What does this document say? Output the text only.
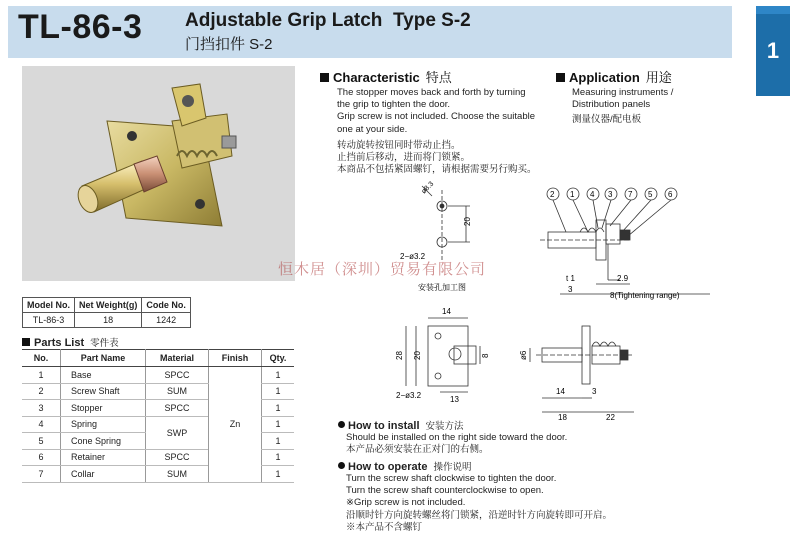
TL-86-3 Adjustable Grip Latch  Type S-2
门挡扣件 S-2	1
Characteristic 特点
The stopper moves back and forth by turning
the grip to tighten the door.
Grip screw is not included. Choose the suitable
one at your side.
转动旋转按钮同时带动止挡。
止挡前后移动，进而将门锁紧。
本商品不包括紧固螺钉，请根据需要另行购买。
Application 用途
Measuring instruments /
Distribution panels
测量仪器/配电板
Model No.	Net Weight(g)	Code No.
TL-86-3	18	1242
Parts List 零件表
No.	Part Name	Material	Finish	Qty.
1	Base	SPCC	Zn	1
2	Screw Shaft	SUM		1
3	Stopper	SPCC		1
4	Spring	SWP		1
5	Cone Spring			1
6	Retainer	SPCC		1
7	Collar	SUM		1
ø8.3
20
2−ø3.2
安装孔加工图
2 1 4 3 7 5 6
t 1	2.9
3
8(Tightening range)
14
28 20	8
2−ø3.2	13
ø6
14	3
18	22
恒木居（深圳）贸易有限公司
How to install 安装方法
Should be installed on the right side toward the door.
本产品必须安装在正对门的右侧。
How to operate 操作说明
Turn the screw shaft clockwise to tighten the door.
Turn the screw shaft counterclockwise to open.
※Grip screw is not included.
沿顺时针方向旋转螺丝将门锁紧，沿逆时针方向旋转即可开启。
※本产品不含螺钉
